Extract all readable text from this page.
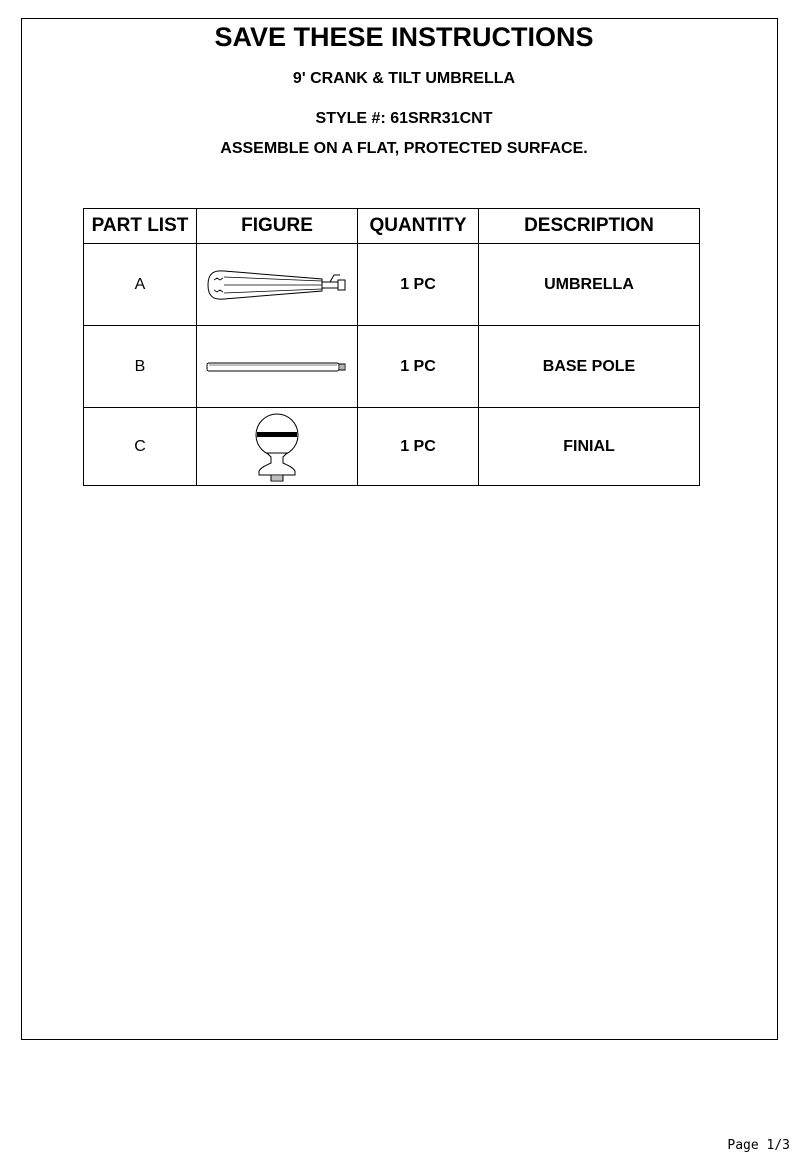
SAVE THESE INSTRUCTIONS
9' CRANK & TILT UMBRELLA
STYLE #: 61SRR31CNT
ASSEMBLE ON A FLAT, PROTECTED SURFACE.
PART LIST	FIGURE	QUANTITY	DESCRIPTION
A		1 PC	UMBRELLA
B		1 PC	BASE POLE
C		1 PC	FINIAL
Page 1/3
